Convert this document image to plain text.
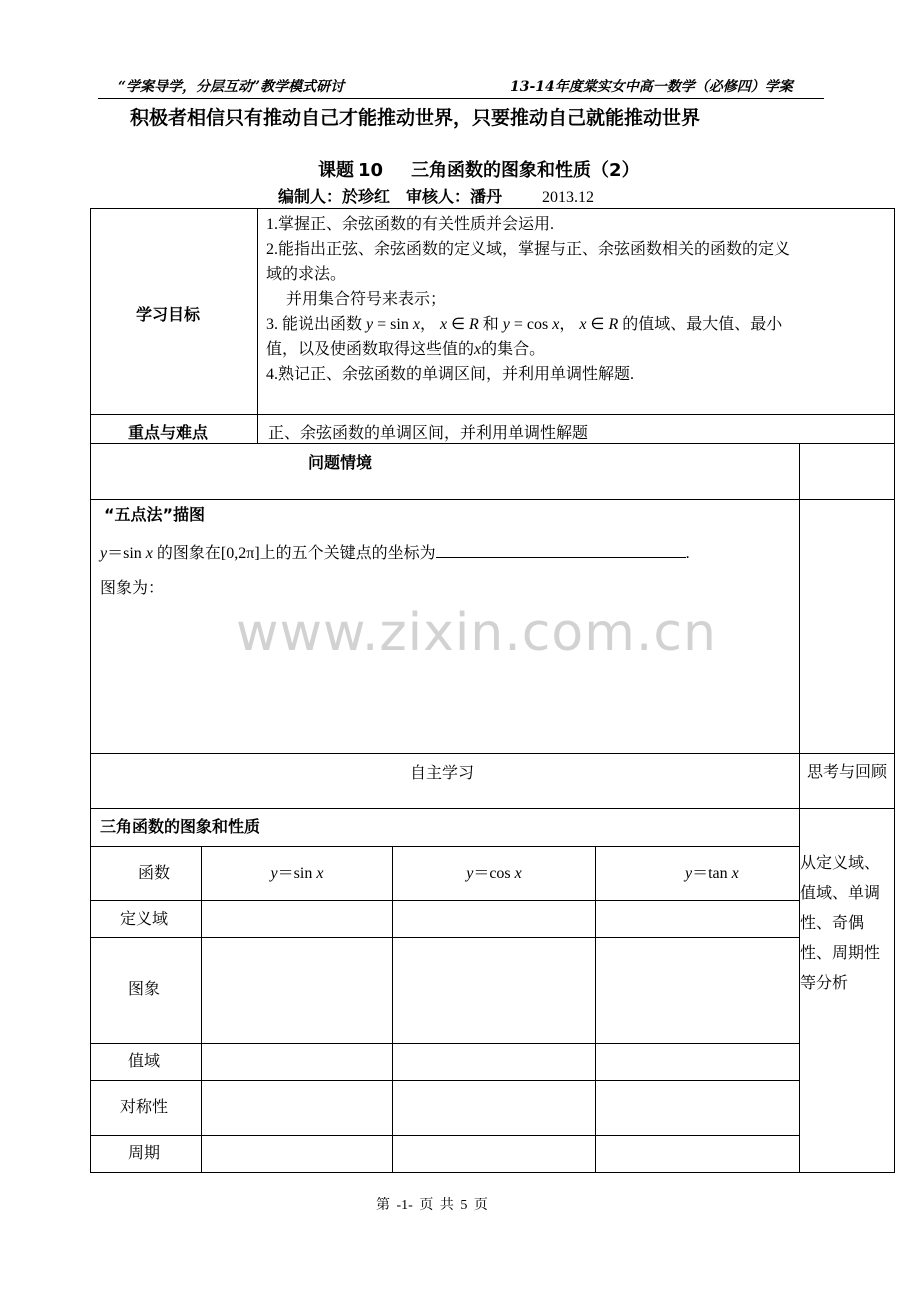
“学案导学，分层互动”教学模式研讨	13-14年度棠实女中高一数学（必修四）学案
积极者相信只有推动自己才能推动世界，只要推动自己就能推动世界
课题 10 三角函数的图象和性质（2）
编制人：於珍红 审核人：潘丹	2013.12
学习目标
1.掌握正、余弦函数的有关性质并会运用.
2.能指出正弦、余弦函数的定义域，掌握与正、余弦函数相关的函数的定义
域的求法。
并用集合符号来表示；
3. 能说出函数 y = sin x， x ∈ R 和 y = cos x， x ∈ R 的值域、最大值、最小
值，以及使函数取得这些值的x的集合。
4.熟记正、余弦函数的单调区间，并利用单调性解题.
重点与难点	正、余弦函数的单调区间，并利用单调性解题
问题情境
“五点法”描图
y＝sin x 的图象在[0,2π]上的五个关键点的坐标为	.
图象为：
www.zixin.com.cn
自主学习	思考与回顾
三角函数的图象和性质
函数	y＝sin x	y＝cos x	y＝tan x
定义域
图象
值域
对称性
周期
从定义域、值域、单调性、奇偶性、周期性等分析
第 -1- 页 共 5 页
